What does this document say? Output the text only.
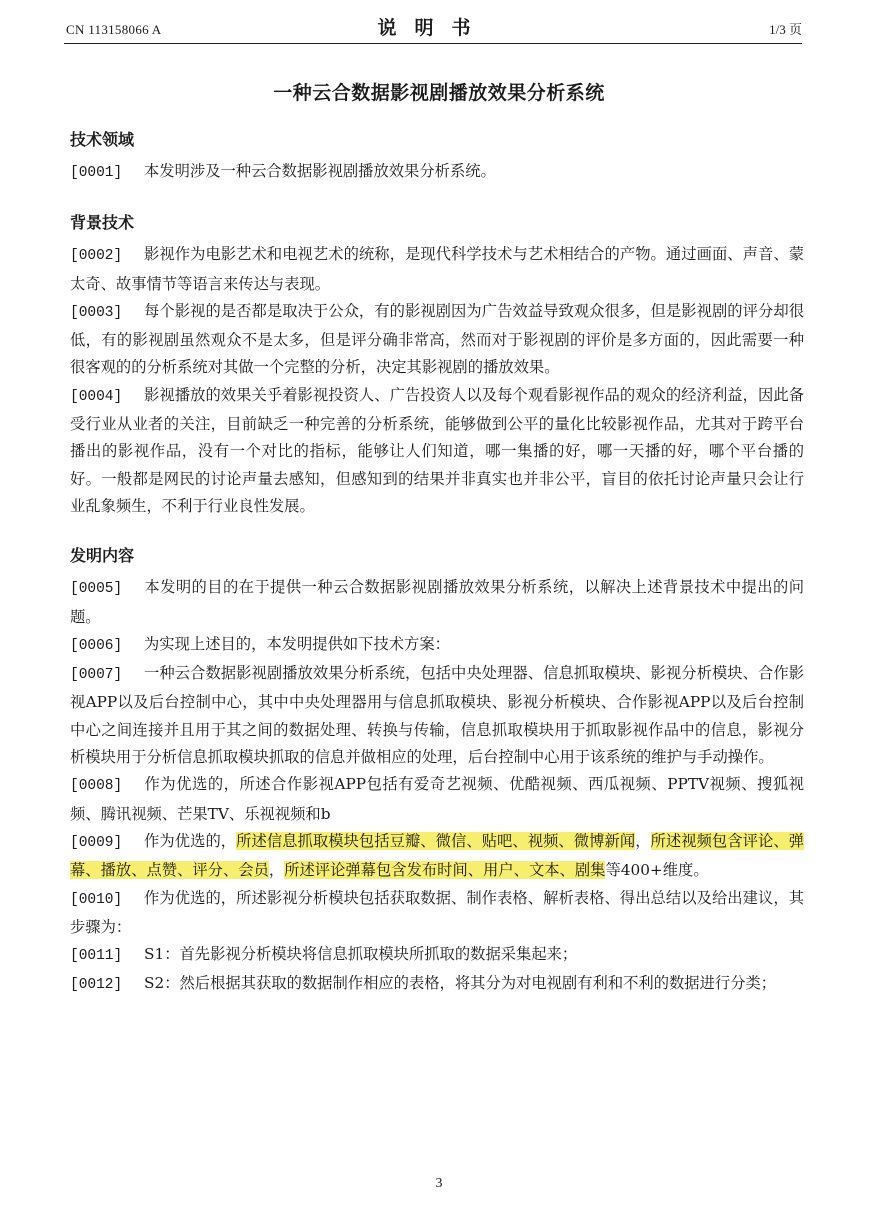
CN 113158066 A	说明书	1/3 页
一种云合数据影视剧播放效果分析系统
技术领域

[0001] 本发明涉及一种云合数据影视剧播放效果分析系统。

背景技术

[0002] 影视作为电影艺术和电视艺术的统称，是现代科学技术与艺术相结合的产物。通过画面、声音、蒙太奇、故事情节等语言来传达与表现。

[0003] 每个影视的是否都是取决于公众，有的影视剧因为广告效益导致观众很多，但是影视剧的评分却很低，有的影视剧虽然观众不是太多，但是评分确非常高，然而对于影视剧的评价是多方面的，因此需要一种很客观的的分析系统对其做一个完整的分析，决定其影视剧的播放效果。

[0004] 影视播放的效果关乎着影视投资人、广告投资人以及每个观看影视作品的观众的经济利益，因此备受行业从业者的关注，目前缺乏一种完善的分析系统，能够做到公平的量化比较影视作品，尤其对于跨平台播出的影视作品，没有一个对比的指标，能够让人们知道，哪一集播的好，哪一天播的好，哪个平台播的好。一般都是网民的讨论声量去感知，但感知到的结果并非真实也并非公平，盲目的依托讨论声量只会让行业乱象频生，不利于行业良性发展。

发明内容

[0005] 本发明的目的在于提供一种云合数据影视剧播放效果分析系统，以解决上述背景技术中提出的问题。

[0006] 为实现上述目的，本发明提供如下技术方案：

[0007] 一种云合数据影视剧播放效果分析系统，包括中央处理器、信息抓取模块、影视分析模块、合作影视APP以及后台控制中心，其中中央处理器用与信息抓取模块、影视分析模块、合作影视APP以及后台控制中心之间连接并且用于其之间的数据处理、转换与传输，信息抓取模块用于抓取影视作品中的信息，影视分析模块用于分析信息抓取模块抓取的信息并做相应的处理，后台控制中心用于该系统的维护与手动操作。

[0008] 作为优选的，所述合作影视APP包括有爱奇艺视频、优酷视频、西瓜视频、PPTV视频、搜狐视频、腾讯视频、芒果TV、乐视视频和b

[0009] 作为优选的，所述信息抓取模块包括豆瓣、微信、贴吧、视频、微博新闻，所述视频包含评论、弹幕、播放、点赞、评分、会员，所述评论弹幕包含发布时间、用户、文本、剧集等400+维度。

[0010] 作为优选的，所述影视分析模块包括获取数据、制作表格、解析表格、得出总结以及给出建议，其步骤为：

[0011] S1：首先影视分析模块将信息抓取模块所抓取的数据采集起来；

[0012] S2：然后根据其获取的数据制作相应的表格，将其分为对电视剧有利和不利的数据进行分类；

3
